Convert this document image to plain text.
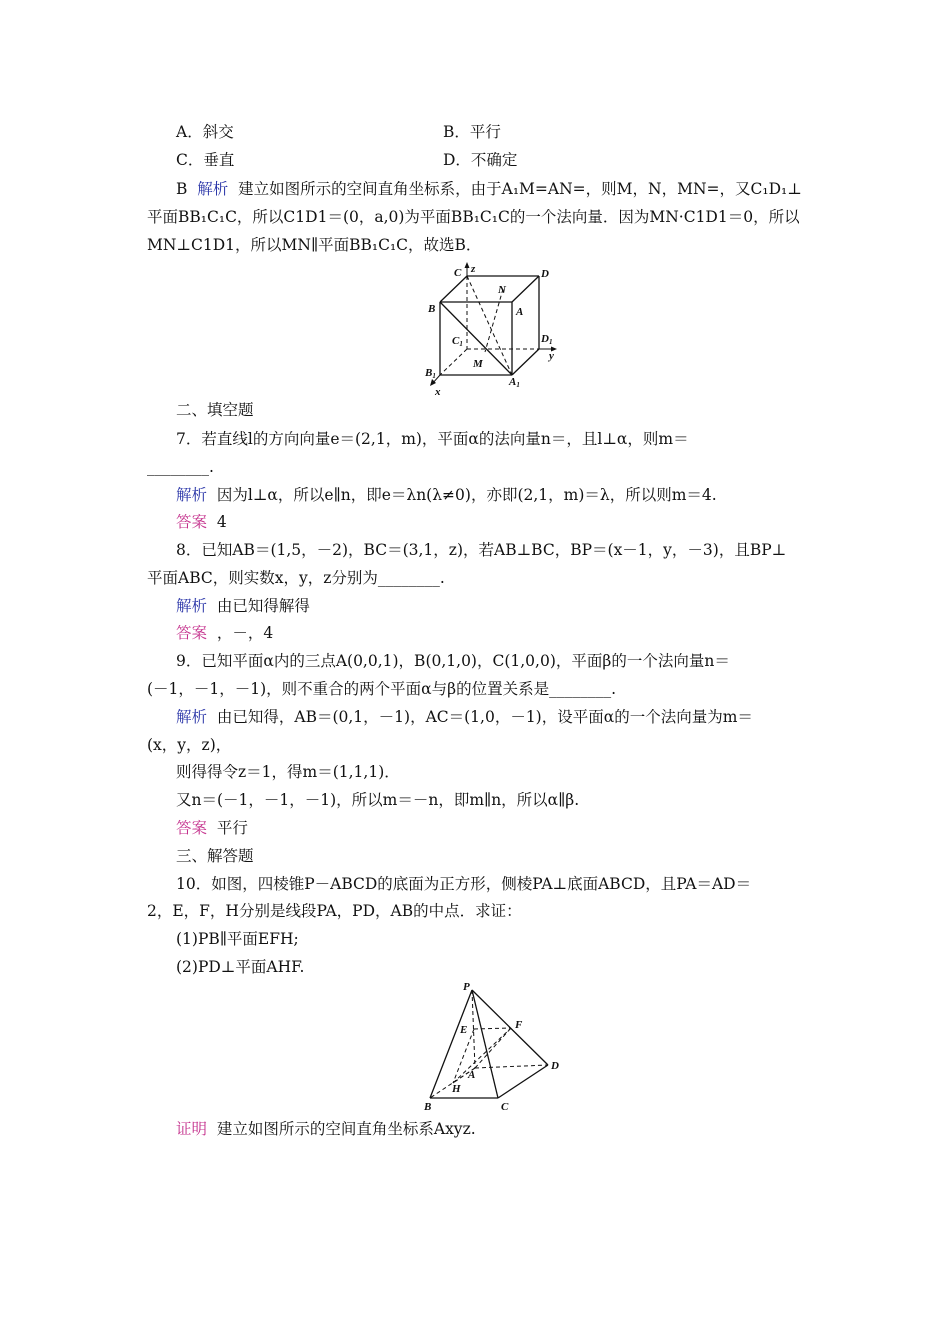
A．斜交	B．平行
C．垂直	D．不确定
B 解析 建立如图所示的空间直角坐标系，由于A₁M=AN=，则M，N，MN=，又C₁D₁⊥
平面BB₁C₁C，所以C1D1＝(0，a,0)为平面BB₁C₁C的一个法向量．因为MN·C1D1＝0，所以
MN⊥C1D1，所以MN∥平面BB₁C₁C，故选B．
C z	D
N
B	A
C1	D1
y
M
B1	A1
x
二、填空题
7．若直线l的方向向量e＝(2,1，m)，平面α的法向量n＝，且l⊥α，则m＝
________.
解析 因为l⊥α，所以e∥n，即e＝λn(λ≠0)，亦即(2,1，m)＝λ，所以则m＝4.
答案 4
8．已知AB＝(1,5，－2)，BC＝(3,1，z)，若AB⊥BC，BP＝(x－1，y，－3)，且BP⊥
平面ABC，则实数x，y，z分别为________.
解析 由已知得解得
答案 ，－，4
9．已知平面α内的三点A(0,0,1)，B(0,1,0)，C(1,0,0)，平面β的一个法向量n＝
(－1，－1，－1)，则不重合的两个平面α与β的位置关系是________.
解析 由已知得，AB＝(0,1，－1)，AC＝(1,0，－1)，设平面α的一个法向量为m＝
(x，y，z)，
则得得令z＝1，得m＝(1,1,1)．
又n＝(－1，－1，－1)，所以m＝－n，即m∥n，所以α∥β.
答案 平行
三、解答题
10．如图，四棱锥P－ABCD的底面为正方形，侧棱PA⊥底面ABCD，且PA＝AD＝
2，E，F，H分别是线段PA，PD，AB的中点．求证：
(1)PB∥平面EFH;
(2)PD⊥平面AHF.
P
E	F
D
A
H
B	C
证明 建立如图所示的空间直角坐标系Axyz.
